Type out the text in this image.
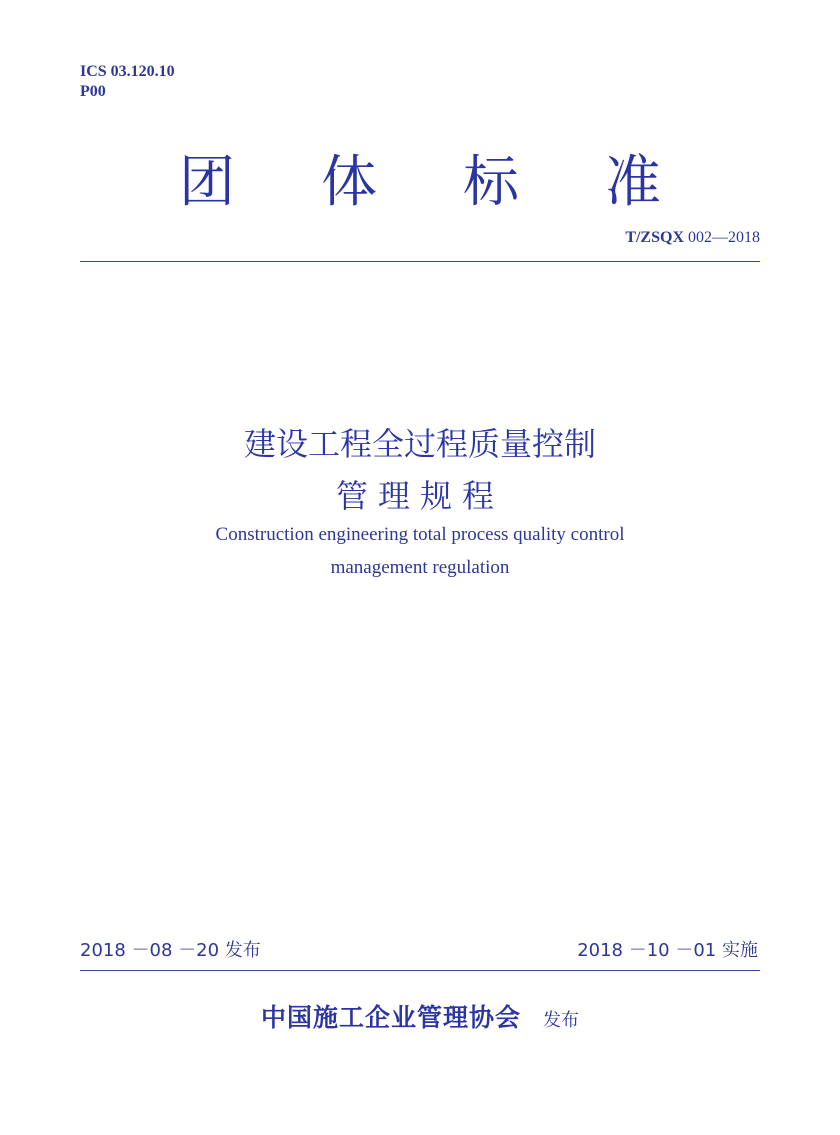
ICS 03.120.10
P00
团 体 标 准
T/ZSQX 002—2018
建设工程全过程质量控制
管理规程
Construction engineering total process quality control
management regulation
2018 －08 －20 发布	2018 －10 －01 实施
中国施工企业管理协会 发布
